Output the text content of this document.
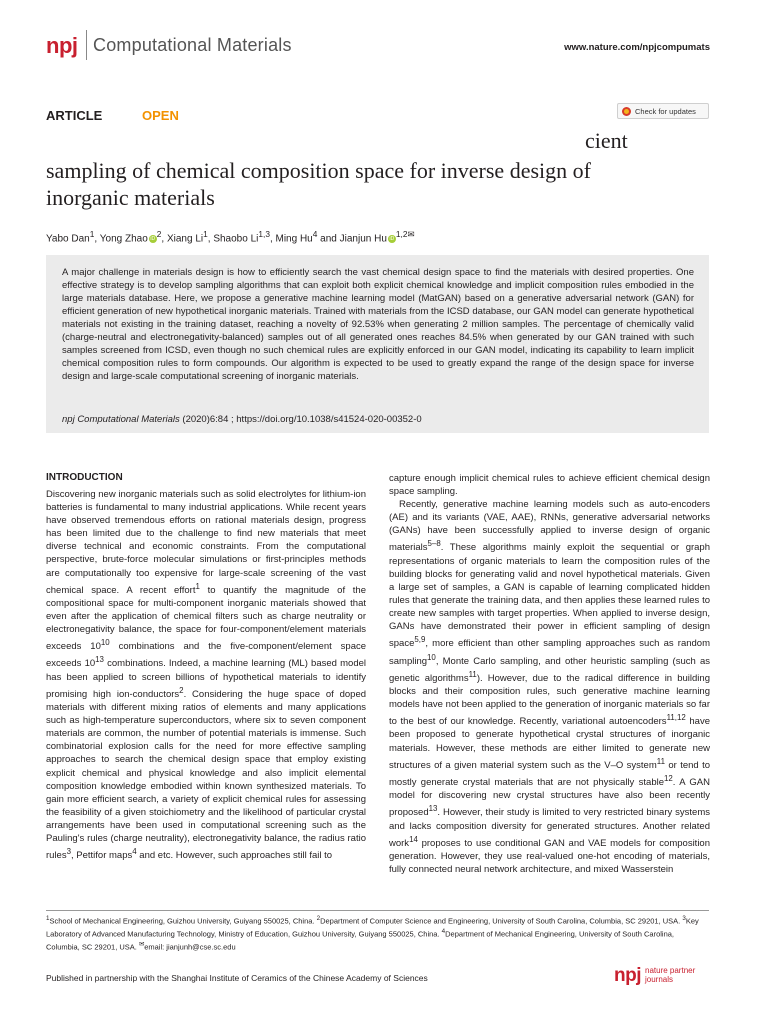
npj Computational Materials	www.nature.com/npjcompumats
ARTICLE	OPEN	Check for updates
cient
sampling of chemical composition space for inverse design of inorganic materials
Yabo Dan$^1$, Yong Zhao iD $^2$, Xiang Li$^1$, Shaobo Li$^{1,3}$, Ming Hu$^4$ and Jianjun Hu iD $^{1,2✉}$
A major challenge in materials design is how to efficiently search the vast chemical design space to find the materials with desired properties. One effective strategy is to develop sampling algorithms that can exploit both explicit chemical knowledge and implicit composition rules embodied in the large materials database. Here, we propose a generative machine learning model (MatGAN) based on a generative adversarial network (GAN) for efficient generation of new hypothetical inorganic materials. Trained with materials from the ICSD database, our GAN model can generate hypothetical materials not existing in the training dataset, reaching a novelty of 92.53% when generating 2 million samples. The percentage of chemically valid (charge-neutral and electronegativity-balanced) samples out of all generated ones reaches 84.5% when generated by our GAN trained with such samples screened from ICSD, even though no such chemical rules are explicitly enforced in our GAN model, indicating its capability to learn implicit chemical composition rules to form compounds. Our algorithm is expected to be used to greatly expand the range of the design space for inverse design and large-scale computational screening of inorganic materials.
npj Computational Materials (2020)6:84 ; https://doi.org/10.1038/s41524-020-00352-0
INTRODUCTION

Discovering new inorganic materials such as solid electrolytes for lithium-ion batteries is fundamental to many industrial applications. While recent years have observed tremendous efforts on rational materials design, progress has been limited due to the challenge to find new materials that meet diverse technical and economic constraints. From the computational perspective, brute-force molecular simulations or first-principles methods are computationally too expensive for large-scale screening of the vast chemical space. A recent effort$^1$ to quantify the magnitude of the compositional space for multi-component inorganic materials showed that even after the application of chemical filters such as charge neutrality or electronegativity balance, the space for four-component/element materials exceeds $10^{10}$ combinations and the five-component/element space exceeds $10^{13}$ combinations. Indeed, a machine learning (ML) based model has been applied to screen billions of hypothetical materials to identify promising high ion-conductors$^2$. Considering the huge space of doped materials with different mixing ratios of elements and many applications such as high-temperature superconductors, where six to seven component materials are common, the number of potential materials is immense. Such combinatorial explosion calls for the need for more effective sampling approaches to search the chemical design space that employ existing explicit chemical and physical knowledge and also implicit elemental composition knowledge embodied within known synthesized materials. To gain more efficient search, a variety of explicit chemical rules for assessing the feasibility of a given stoichiometry and the likelihood of particular crystal arrangements have been used in computational screening such as the Pauling's rules (charge neutrality), electronegativity balance, the radius ratio rules$^3$, Pettifor maps$^4$ and etc. However, such approaches still fail to

capture enough implicit chemical rules to achieve efficient chemical design space sampling.

Recently, generative machine learning models such as auto-encoders (AE) and its variants (VAE, AAE), RNNs, generative adversarial networks (GANs) have been successfully applied to inverse design of organic materials$^{5-8}$. These algorithms mainly exploit the sequential or graph representations of organic materials to learn the composition rules of the building blocks for generating valid and novel hypothetical materials. Given a large set of samples, a GAN is capable of learning complicated hidden rules that generate the training data, and then applies these learned rules to create new samples with target properties. When applied to inverse design, GANs have demonstrated their power in efficient sampling of design space$^{5,9}$, more efficient than other sampling approaches such as random sampling$^{10}$, Monte Carlo sampling, and other heuristic sampling (such as genetic algorithms$^{11}$). However, due to the radical difference in building blocks and their composition rules, such generative machine learning models have not been applied to the generation of inorganic materials so far to the best of our knowledge. Recently, variational autoencoders$^{11,12}$ have been proposed to generate hypothetical crystal structures of inorganic materials. However, these methods are either limited to generate new structures of a given material system such as the V–O system$^{11}$ or tend to mostly generate crystal materials that are not physically stable$^{12}$. A GAN model for discovering new crystal structures have also been recently proposed$^{13}$. However, their study is limited to very restricted binary systems and lacks composition diversity for generated structures. Another related work$^{14}$ proposes to use conditional GAN and VAE models for composition generation. However, they use real-valued one-hot encoding of materials, fully connected neural network architecture, and mixed Wasserstein

$^1$School of Mechanical Engineering, Guizhou University, Guiyang 550025, China. $^2$Department of Computer Science and Engineering, University of South Carolina, Columbia, SC 29201, USA. $^3$Key Laboratory of Advanced Manufacturing Technology, Ministry of Education, Guizhou University, Guiyang 550025, China. $^4$Department of Mechanical Engineering, University of South Carolina, Columbia, SC 29201, USA. ✉email: jianjunh@cse.sc.edu
Published in partnership with the Shanghai Institute of Ceramics of the Chinese Academy of Sciences	npj nature partner
journals
